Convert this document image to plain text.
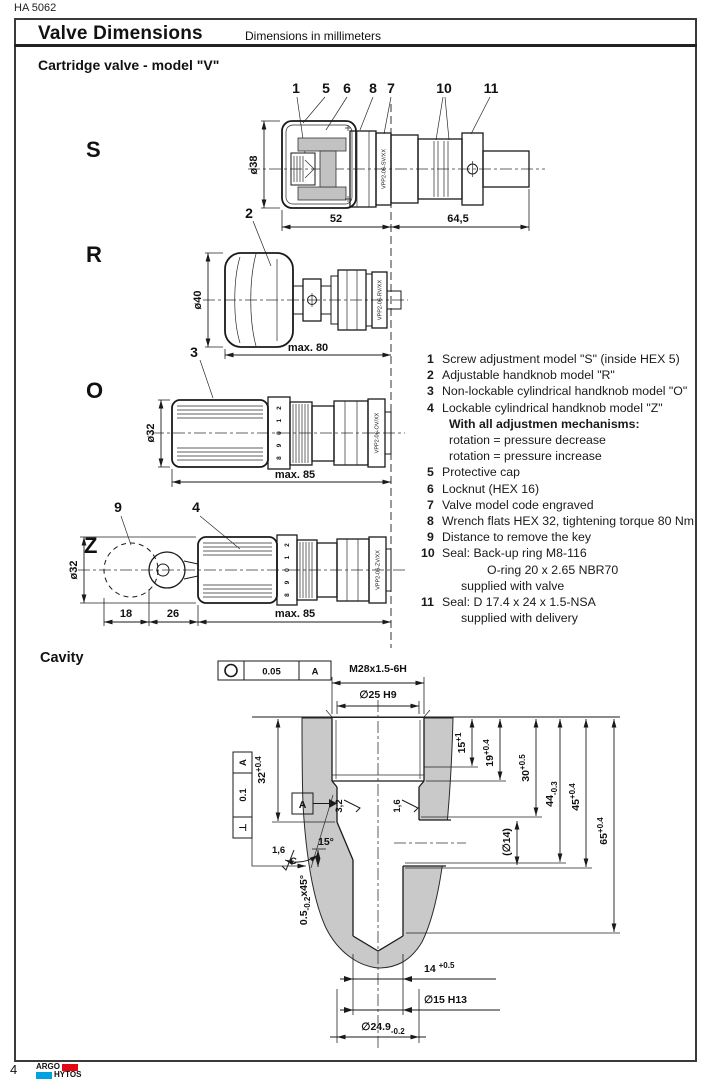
S
1 5 6 8 7	10 11
VPP2-06-SV/XX
ø38
52	64,5
2
R
VPP2-06-RV/XX
ø40
max. 80
3
O
2
1
0
9
8
VPP2-06-OV/XX
ø32
max. 85
Z
9	4
2
1
0
9
8
VPP2-06-ZV/XX
ø32
18	26	max. 85
0.05	A	M28x1.5-6H
∅25 H9
$32^{+0.4}$
$15^{+1}$
$19^{+0.4}$
$30^{+0.5}$
(∅14)
$44_{-0.3}$
$45^{+0.4}$
$65^{+0.4}$
$0.5_{-0.2}x45^\circ$
14 $^{+0.5}$
∅15 H13
$\emptyset 24.9_{-0.2}$
A
A
0.1
⊥
3,2	1,6
1,6
C
15°
HA 5062
Valve Dimensions	Dimensions in millimeters
Cartridge valve - model "V"
Cavity
1 Screw adjustment model "S" (inside HEX 5)
2 Adjustable handknob model "R"
3 Non-lockable cylindrical handknob model "O"
4 Lockable cylindrical handknob model "Z"
With all adjustmen mechanisms:
rotation = pressure decrease
rotation = pressure increase
5 Protective cap
6 Locknut (HEX 16)
7 Valve model code engraved
8 Wrench flats HEX 32, tightening torque 80 Nm
9 Distance to remove the key
10 Seal: Back-up ring M8-116
O-ring 20 x 2.65 NBR70
supplied with valve
11 Seal: D 17.4 x 24 x 1.5-NSA
supplied with delivery
4 ARGO
HYTOS
